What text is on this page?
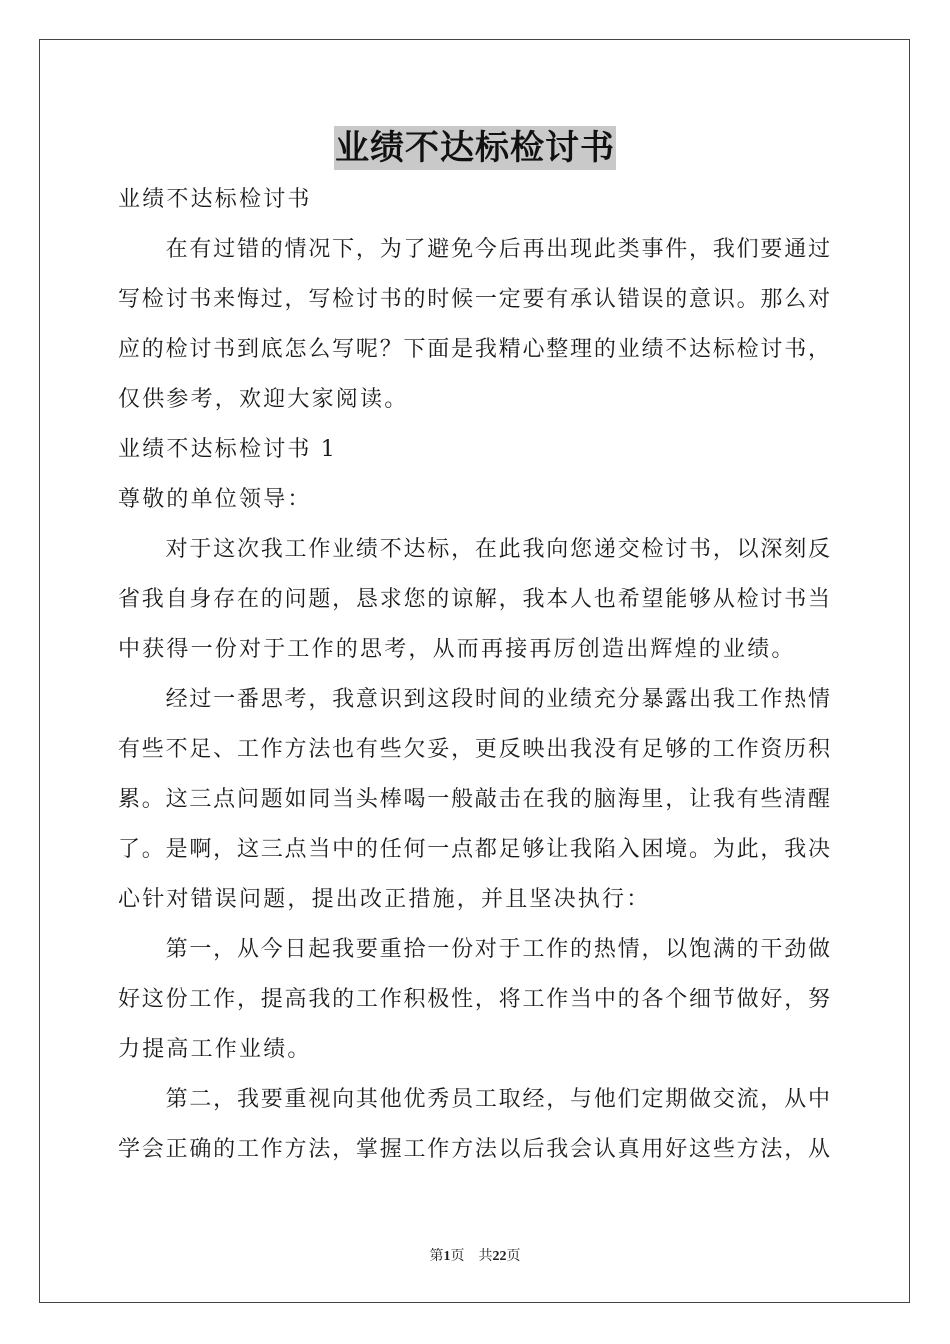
业绩不达标检讨书
业绩不达标检讨书
　　在有过错的情况下，为了避免今后再出现此类事件，我们要通过
写检讨书来悔过，写检讨书的时候一定要有承认错误的意识。那么对
应的检讨书到底怎么写呢？下面是我精心整理的业绩不达标检讨书，
仅供参考，欢迎大家阅读。
业绩不达标检讨书 1
尊敬的单位领导：
　　对于这次我工作业绩不达标，在此我向您递交检讨书，以深刻反
省我自身存在的问题，恳求您的谅解，我本人也希望能够从检讨书当
中获得一份对于工作的思考，从而再接再厉创造出辉煌的业绩。
　　经过一番思考，我意识到这段时间的业绩充分暴露出我工作热情
有些不足、工作方法也有些欠妥，更反映出我没有足够的工作资历积
累。这三点问题如同当头棒喝一般敲击在我的脑海里，让我有些清醒
了。是啊，这三点当中的任何一点都足够让我陷入困境。为此，我决
心针对错误问题，提出改正措施，并且坚决执行：
　　第一，从今日起我要重拾一份对于工作的热情，以饱满的干劲做
好这份工作，提高我的工作积极性，将工作当中的各个细节做好，努
力提高工作业绩。
　　第二，我要重视向其他优秀员工取经，与他们定期做交流，从中
学会正确的工作方法，掌握工作方法以后我会认真用好这些方法，从
第1页　共22页
